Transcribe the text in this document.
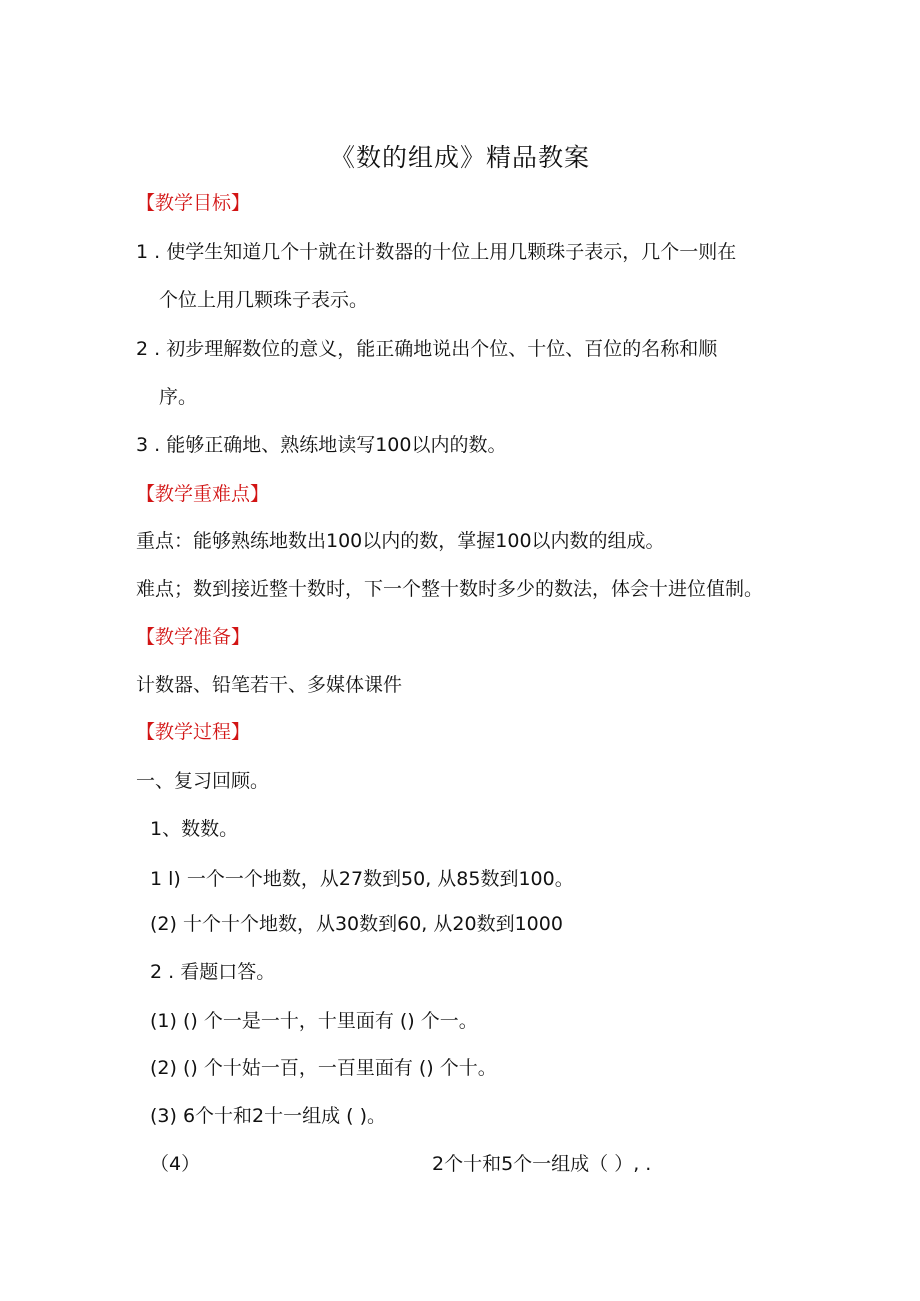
《数的组成》精品教案
【教学目标】
1 . 使学生知道几个十就在计数器的十位上用几颗珠子表示，几个一则在
个位上用几颗珠子表示。
2 . 初步理解数位的意义，能正确地说出个位、十位、百位的名称和顺
序。
3 . 能够正确地、熟练地读写100以内的数。
【教学重难点】
重点：能够熟练地数出100以内的数，掌握100以内数的组成。
难点；数到接近整十数时，下一个整十数时多少的数法，体会十进位值制。
【教学准备】
计数器、铅笔若干、多媒体课件
【教学过程】
一、复习回顾。
1、数数。
1 l) 一个一个地数，从27数到50, 从85数到100。
(2) 十个十个地数，从30数到60, 从20数到1000
2 . 看题口答。
(1) () 个一是一十，十里面有 () 个一。
(2) () 个十姑一百，一百里面有 () 个十。
(3) 6个十和2十一组成 ( )。
（4）	2个十和5个一组成（ ）, .
